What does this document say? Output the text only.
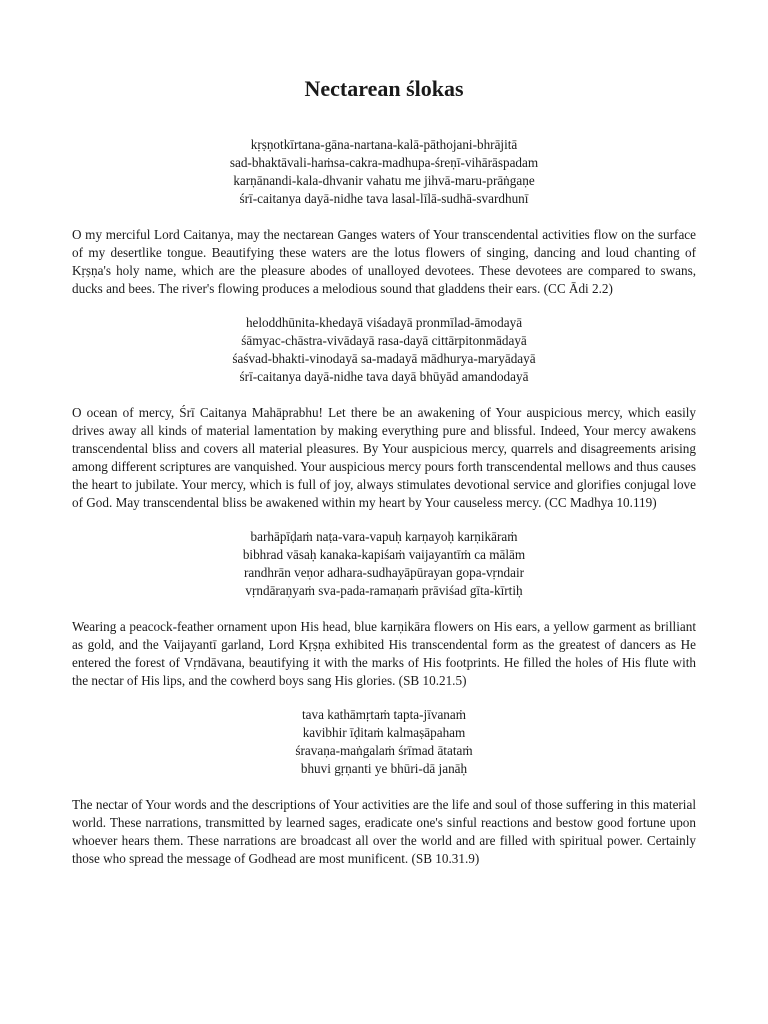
Nectarean ślokas

kṛṣṇotkīrtana-gāna-nartana-kalā-pāthojani-bhrājitā
sad-bhaktāvali-haṁsa-cakra-madhupa-śreṇī-vihārāspadam
karṇānandi-kala-dhvanir vahatu me jihvā-maru-prāṅgaṇe
śrī-caitanya dayā-nidhe tava lasal-līlā-sudhā-svardhunī

O my merciful Lord Caitanya, may the nectarean Ganges waters of Your transcendental activities flow on the surface of my desertlike tongue. Beautifying these waters are the lotus flowers of singing, dancing and loud chanting of Kṛṣṇa's holy name, which are the pleasure abodes of unalloyed devotees. These devotees are compared to swans, ducks and bees. The river's flowing produces a melodious sound that gladdens their ears. (CC Ādi 2.2)

heloddhūnita-khedayā viśadayā pronmīlad-āmodayā
śāmyac-chāstra-vivādayā rasa-dayā cittārpitonmādayā
śaśvad-bhakti-vinodayā sa-madayā mādhurya-maryādayā
śrī-caitanya dayā-nidhe tava dayā bhūyād amandodayā

O ocean of mercy, Śrī Caitanya Mahāprabhu! Let there be an awakening of Your auspicious mercy, which easily drives away all kinds of material lamentation by making everything pure and blissful. Indeed, Your mercy awakens transcendental bliss and covers all material pleasures. By Your auspicious mercy, quarrels and disagreements arising among different scriptures are vanquished. Your auspicious mercy pours forth transcendental mellows and thus causes the heart to jubilate. Your mercy, which is full of joy, always stimulates devotional service and glorifies conjugal love of God. May transcendental bliss be awakened within my heart by Your causeless mercy. (CC Madhya 10.119)

barhāpīḍaṁ naṭa-vara-vapuḥ karṇayoḥ karṇikāraṁ
bibhrad vāsaḥ kanaka-kapiśaṁ vaijayantīṁ ca mālām
randhrān veṇor adhara-sudhayāpūrayan gopa-vṛndair
vṛndāraṇyaṁ sva-pada-ramaṇaṁ prāviśad gīta-kīrtiḥ

Wearing a peacock-feather ornament upon His head, blue karṇikāra flowers on His ears, a yellow garment as brilliant as gold, and the Vaijayantī garland, Lord Kṛṣṇa exhibited His transcendental form as the greatest of dancers as He entered the forest of Vṛndāvana, beautifying it with the marks of His footprints. He filled the holes of His flute with the nectar of His lips, and the cowherd boys sang His glories. (SB 10.21.5)

tava kathāmṛtaṁ tapta-jīvanaṁ
kavibhir īḍitaṁ kalmaṣāpaham
śravaṇa-maṅgalaṁ śrīmad ātataṁ
bhuvi gṛṇanti ye bhūri-dā janāḥ

The nectar of Your words and the descriptions of Your activities are the life and soul of those suffering in this material world. These narrations, transmitted by learned sages, eradicate one's sinful reactions and bestow good fortune upon whoever hears them. These narrations are broadcast all over the world and are filled with spiritual power. Certainly those who spread the message of Godhead are most munificent. (SB 10.31.9)
